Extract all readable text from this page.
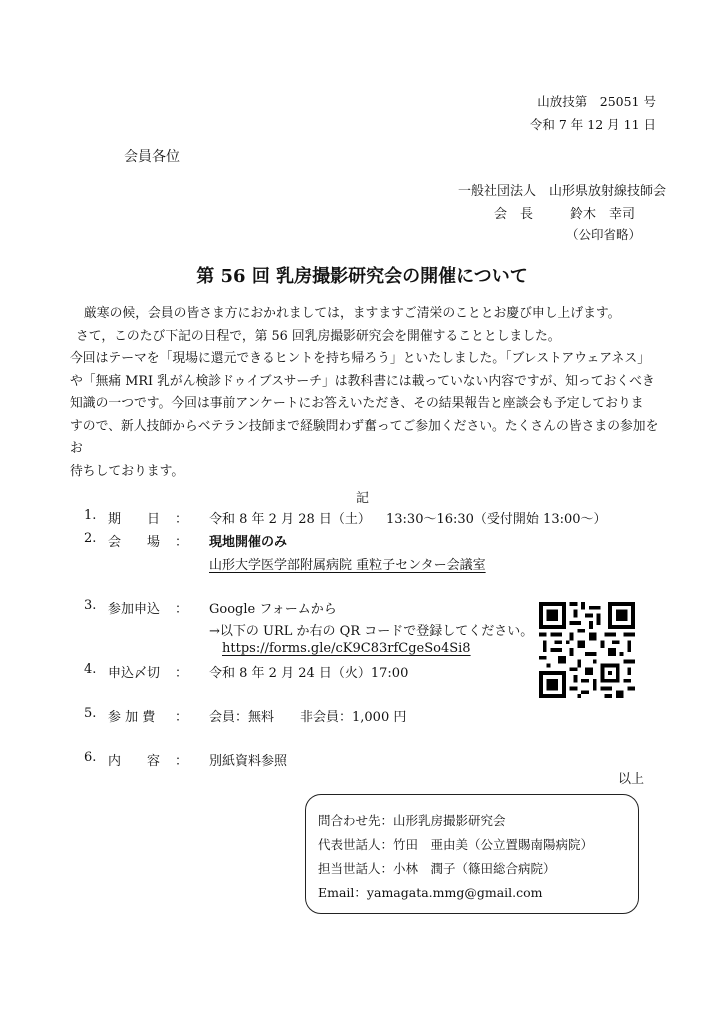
山放技第　25051 号
令和 7 年 12 月 11 日
会員各位
一般社団法人　山形県放射線技師会
会　長	鈴木　幸司
（公印省略）
第 56 回 乳房撮影研究会の開催について

厳寒の候，会員の皆さま方におかれましては，ますますご清栄のこととお慶び申し上げます。

さて，このたび下記の日程で，第 56 回乳房撮影研究会を開催することとしました。

今回はテーマを「現場に還元できるヒントを持ち帰ろう」といたしました。「ブレストアウェアネス」

や「無痛 MRI 乳がん検診ドゥイブスサーチ」は教科書には載っていない内容ですが、知っておくべき

知識の一つです。今回は事前アンケートにお答えいただき、その結果報告と座談会も予定しておりま

すので、新人技師からベテラン技師まで経験問わず奮ってご参加ください。たくさんの皆さまの参加をお

待ちしております。

記
1. 期　　日 ： 令和 8 年 2 月 28 日（土） 13:30～16:30（受付開始 13:00～）
2. 会　　場 ： 現地開催のみ
山形大学医学部附属病院 重粒子センター会議室
3. 参加申込 ： Google フォームから
→以下の URL か右の QR コードで登録してください。
https://forms.gle/cK9C83rfCgeSo4Si8
4. 申込〆切 ： 令和 8 年 2 月 24 日（火）17:00
5. 参 加 費 ： 会員：無料　　非会員：1,000 円
6. 内　　容 ： 別紙資料参照
以上
問合わせ先：山形乳房撮影研究会
代表世話人：竹田　亜由美（公立置賜南陽病院）
担当世話人：小林　潤子（篠田総合病院）
Email：yamagata.mmg@gmail.com
